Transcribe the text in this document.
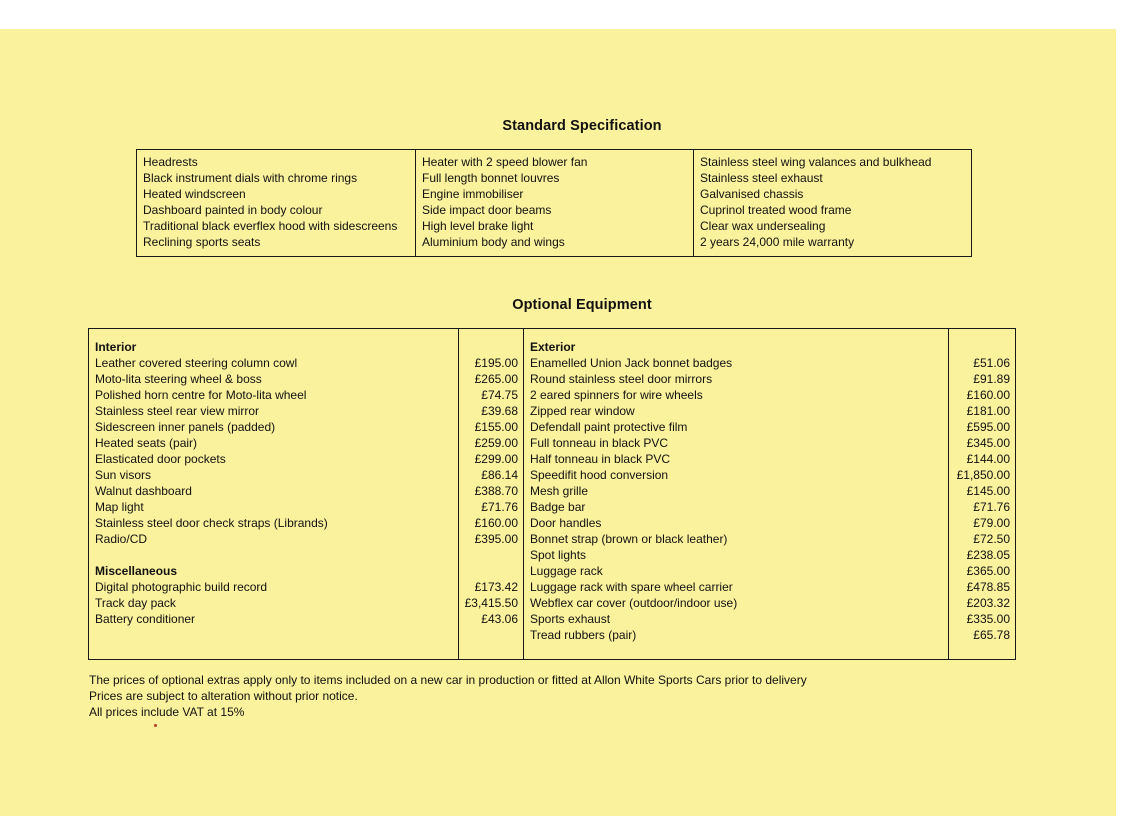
Standard Specification
Headrests
Black instrument dials with chrome rings
Heated windscreen
Dashboard painted in body colour
Traditional black everflex hood with sidescreens
Reclining sports seats
Heater with 2 speed blower fan
Full length bonnet louvres
Engine immobiliser
Side impact door beams
High level brake light
Aluminium body and wings
Stainless steel wing valances and bulkhead
Stainless steel exhaust
Galvanised chassis
Cuprinol treated wood frame
Clear wax undersealing
2 years 24,000 mile warranty
Optional Equipment
Interior
Leather covered steering column cowl
Moto-lita steering wheel & boss
Polished horn centre for Moto-lita wheel
Stainless steel rear view mirror
Sidescreen inner panels (padded)
Heated seats (pair)
Elasticated door pockets
Sun visors
Walnut dashboard
Map light
Stainless steel door check straps (Librands)
Radio/CD
Miscellaneous
Digital photographic build record
Track day pack
Battery conditioner
£195.00
£265.00
£74.75
£39.68
£155.00
£259.00
£299.00
£86.14
£388.70
£71.76
£160.00
£395.00
£173.42
£3,415.50
£43.06
Exterior
Enamelled Union Jack bonnet badges
Round stainless steel door mirrors
2 eared spinners for wire wheels
Zipped rear window
Defendall paint protective film
Full tonneau in black PVC
Half tonneau in black PVC
Speedifit hood conversion
Mesh grille
Badge bar
Door handles
Bonnet strap (brown or black leather)
Spot lights
Luggage rack
Luggage rack with spare wheel carrier
Webflex car cover (outdoor/indoor use)
Sports exhaust
Tread rubbers (pair)
£51.06
£91.89
£160.00
£181.00
£595.00
£345.00
£144.00
£1,850.00
£145.00
£71.76
£79.00
£72.50
£238.05
£365.00
£478.85
£203.32
£335.00
£65.78
The prices of optional extras apply only to items included on a new car in production or fitted at Allon White Sports Cars prior to delivery
Prices are subject to alteration without prior notice.
All prices include VAT at 15%
